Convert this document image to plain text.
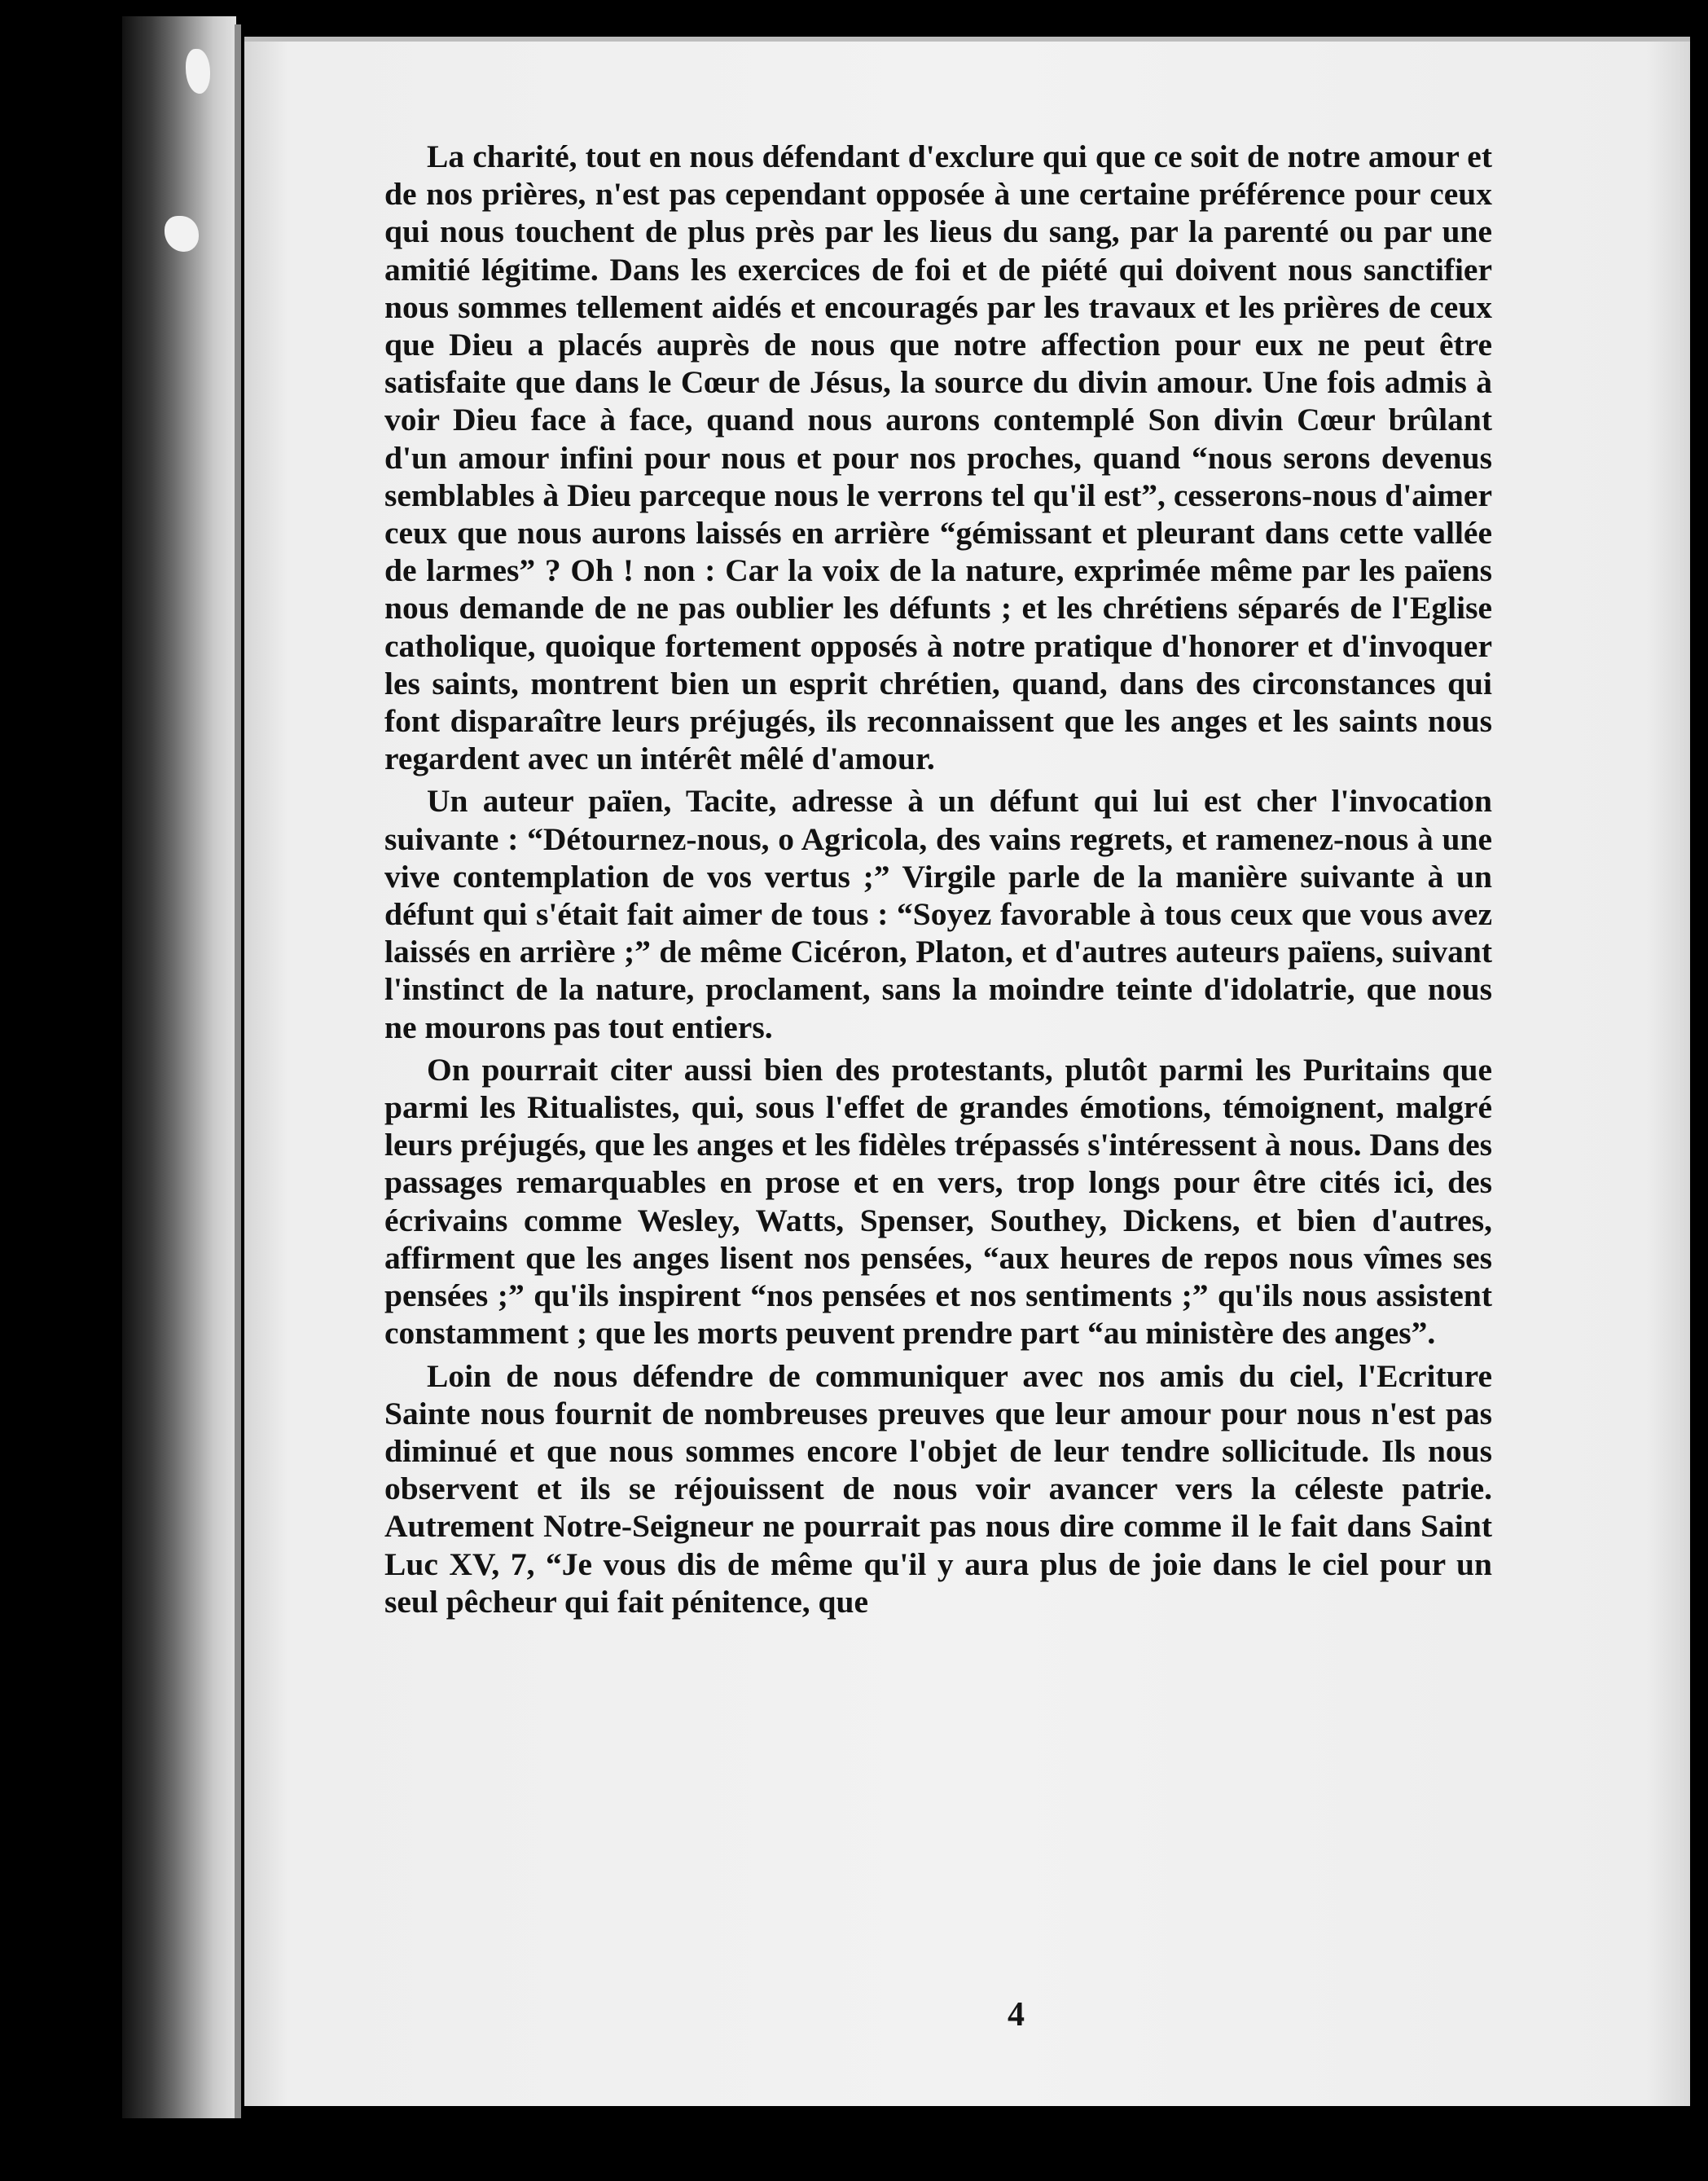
La charité, tout en nous défendant d'exclure qui que ce soit de notre amour et de nos prières, n'est pas cependant opposée à une certaine préférence pour ceux qui nous touchent de plus près par les lieus du sang, par la parenté ou par une amitié légitime. Dans les exercices de foi et de piété qui doivent nous sanctifier nous sommes tellement aidés et encouragés par les travaux et les prières de ceux que Dieu a placés auprès de nous que notre affection pour eux ne peut être satisfaite que dans le Cœur de Jésus, la source du divin amour. Une fois admis à voir Dieu face à face, quand nous aurons contemplé Son divin Cœur brûlant d'un amour infini pour nous et pour nos proches, quand “nous serons devenus semblables à Dieu parceque nous le verrons tel qu'il est”, cesserons-nous d'aimer ceux que nous aurons laissés en arrière “gémissant et pleurant dans cette vallée de larmes” ? Oh ! non : Car la voix de la nature, exprimée même par les païens nous demande de ne pas oublier les défunts ; et les chrétiens séparés de l'Eglise catholique, quoique fortement opposés à notre pratique d'honorer et d'invoquer les saints, montrent bien un esprit chrétien, quand, dans des circonstances qui font disparaître leurs préjugés, ils reconnaissent que les anges et les saints nous regardent avec un intérêt mêlé d'amour.

Un auteur païen, Tacite, adresse à un défunt qui lui est cher l'invocation suivante : “Détournez-nous, o Agricola, des vains regrets, et ramenez-nous à une vive contemplation de vos vertus ;” Virgile parle de la manière suivante à un défunt qui s'était fait aimer de tous : “Soyez favorable à tous ceux que vous avez laissés en arrière ;” de même Cicéron, Platon, et d'autres auteurs païens, suivant l'instinct de la nature, proclament, sans la moindre teinte d'idolatrie, que nous ne mourons pas tout entiers.

On pourrait citer aussi bien des protestants, plutôt parmi les Puritains que parmi les Ritualistes, qui, sous l'effet de grandes émotions, témoignent, malgré leurs préjugés, que les anges et les fidèles trépassés s'intéressent à nous. Dans des passages remarquables en prose et en vers, trop longs pour être cités ici, des écrivains comme Wesley, Watts, Spenser, Southey, Dickens, et bien d'autres, affirment que les anges lisent nos pensées, “aux heures de repos nous vîmes ses pensées ;” qu'ils inspirent “nos pensées et nos sentiments ;” qu'ils nous assistent constamment ; que les morts peuvent prendre part “au ministère des anges”.

Loin de nous défendre de communiquer avec nos amis du ciel, l'Ecriture Sainte nous fournit de nombreuses preuves que leur amour pour nous n'est pas diminué et que nous sommes encore l'objet de leur tendre sollicitude. Ils nous observent et ils se réjouissent de nous voir avancer vers la céleste patrie. Autrement Notre-Seigneur ne pourrait pas nous dire comme il le fait dans Saint Luc XV, 7, “Je vous dis de même qu'il y aura plus de joie dans le ciel pour un seul pêcheur qui fait pénitence, que

4
